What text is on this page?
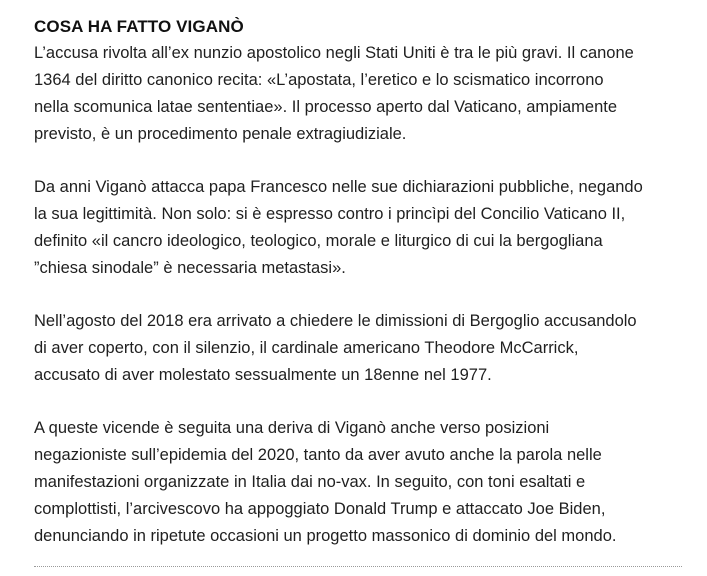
COSA HA FATTO VIGANÒ

L’accusa rivolta all’ex nunzio apostolico negli Stati Uniti è tra le più gravi. Il canone
1364 del diritto canonico recita: «L’apostata, l’eretico e lo scismatico incorrono
nella scomunica latae sententiae». Il processo aperto dal Vaticano, ampiamente
previsto, è un procedimento penale extragiudiziale.

Da anni Viganò attacca papa Francesco nelle sue dichiarazioni pubbliche, negando
la sua legittimità. Non solo: si è espresso contro i princìpi del Concilio Vaticano II,
definito «il cancro ideologico, teologico, morale e liturgico di cui la bergogliana
”chiesa sinodale” è necessaria metastasi».

Nell’agosto del 2018 era arrivato a chiedere le dimissioni di Bergoglio accusandolo
di aver coperto, con il silenzio, il cardinale americano Theodore McCarrick,
accusato di aver molestato sessualmente un 18enne nel 1977.

A queste vicende è seguita una deriva di Viganò anche verso posizioni
negazioniste sull’epidemia del 2020, tanto da aver avuto anche la parola nelle
manifestazioni organizzate in Italia dai no-vax. In seguito, con toni esaltati e
complottisti, l’arcivescovo ha appoggiato Donald Trump e attaccato Joe Biden,
denunciando in ripetute occasioni un progetto massonico di dominio del mondo.
